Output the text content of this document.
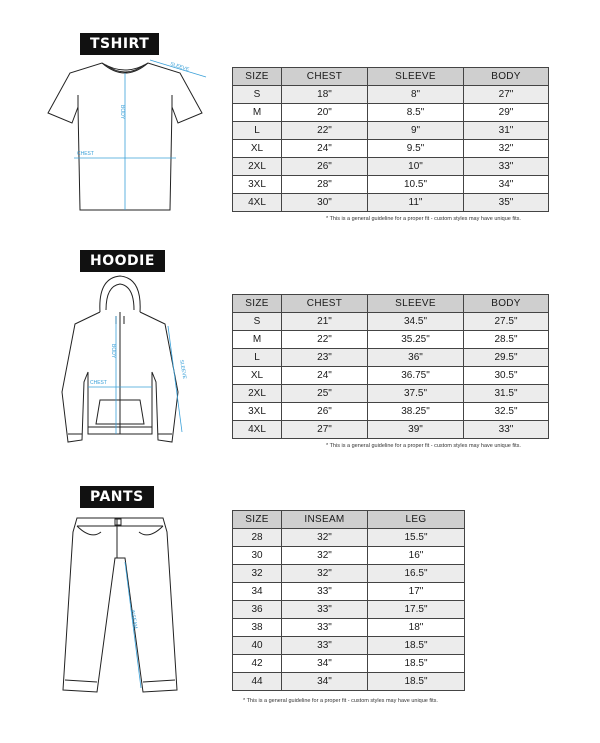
TSHIRT
SLEEVE
BODY
CHEST
SIZE	CHEST	SLEEVE	BODY
S	18"	8"	27"
M	20"	8.5"	29"
L	22"	9"	31"
XL	24"	9.5"	32"
2XL	26"	10"	33"
3XL	28"	10.5"	34"
4XL	30"	11"	35"
* This is a general guideline for a proper fit - custom styles may have unique fits.
HOODIE
BODY
CHEST
SLEEVE
SIZE	CHEST	SLEEVE	BODY
S	21"	34.5"	27.5"
M	22"	35.25"	28.5"
L	23"	36"	29.5"
XL	24"	36.75"	30.5"
2XL	25"	37.5"	31.5"
3XL	26"	38.25"	32.5"
4XL	27"	39"	33"
* This is a general guideline for a proper fit - custom styles may have unique fits.
PANTS
INSEAM
SIZE	INSEAM	LEG
28	32"	15.5"
30	32"	16"
32	32"	16.5"
34	33"	17"
36	33"	17.5"
38	33"	18"
40	33"	18.5"
42	34"	18.5"
44	34"	18.5"
* This is a general guideline for a proper fit - custom styles may have unique fits.
